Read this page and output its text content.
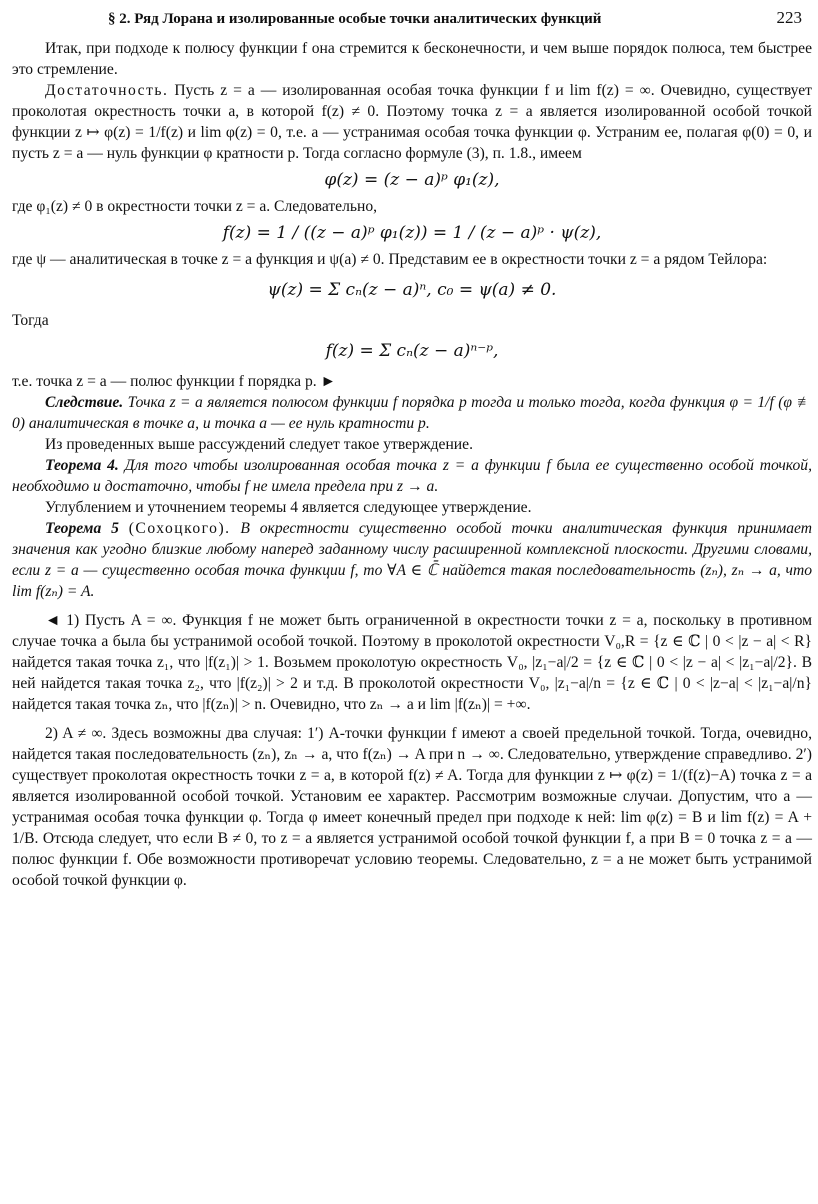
§ 2. Ряд Лорана и изолированные особые точки аналитических функций	223

Итак, при подходе к полюсу функции f она стремится к бесконечности, и чем выше порядок полюса, тем быстрее это стремление.

Достаточность. Пусть z = a — изолированная особая точка функции f и lim f(z) = ∞. Очевидно, существует проколотая окрестность точки a, в которой f(z) ≠ 0. Поэтому точка z = a является изолированной особой точкой функции z ↦ φ(z) = 1/f(z) и lim φ(z) = 0, т.е. a — устранимая особая точка функции φ. Устраним ее, полагая φ(0) = 0, и пусть z = a — нуль функции φ кратности p. Тогда согласно формуле (3), п. 1.8., имеем

φ(z) = (z − a)ᵖ φ₁(z),

где φ₁(z) ≠ 0 в окрестности точки z = a. Следовательно,

f(z) = 1 / ((z − a)ᵖ φ₁(z)) = 1 / (z − a)ᵖ · ψ(z),

где ψ — аналитическая в точке z = a функция и ψ(a) ≠ 0. Представим ее в окрестности точки z = a рядом Тейлора:

ψ(z) = Σ cₙ(z − a)ⁿ, c₀ = ψ(a) ≠ 0.

Тогда

f(z) = Σ cₙ(z − a)ⁿ⁻ᵖ,

т.е. точка z = a — полюс функции f порядка p. ►

Следствие. Точка z = a является полюсом функции f порядка p тогда и только тогда, когда функция φ = 1/f (φ ≢ 0) аналитическая в точке a, и точка a — ее нуль кратности p.

Из проведенных выше рассуждений следует такое утверждение.

Теорема 4. Для того чтобы изолированная особая точка z = a функции f была ее существенно особой точкой, необходимо и достаточно, чтобы f не имела предела при z → a.

Углублением и уточнением теоремы 4 является следующее утверждение.

Теорема 5 (Сохоцкого). В окрестности существенно особой точки аналитическая функция принимает значения как угодно близкие любому наперед заданному числу расширенной комплексной плоскости. Другими словами, если z = a — существенно особая точка функции f, то ∀A ∈ ℂ̄ найдется такая последовательность (zₙ), zₙ → a, что lim f(zₙ) = A.

◄ 1) Пусть A = ∞. Функция f не может быть ограниченной в окрестности точки z = a, поскольку в противном случае точка a была бы устранимой особой точкой. Поэтому в проколотой окрестности V₀,R = {z ∈ ℂ | 0 < |z − a| < R} найдется такая точка z₁, что |f(z₁)| > 1. Возьмем проколотую окрестность V₀, |z₁−a|/2 = {z ∈ ℂ | 0 < |z − a| < |z₁−a|/2}. В ней найдется такая точка z₂, что |f(z₂)| > 2 и т.д. В проколотой окрестности V₀, |z₁−a|/n = {z ∈ ℂ | 0 < |z−a| < |z₁−a|/n} найдется такая точка zₙ, что |f(zₙ)| > n. Очевидно, что zₙ → a и lim |f(zₙ)| = +∞.

2) A ≠ ∞. Здесь возможны два случая: 1′) A-точки функции f имеют a своей предельной точкой. Тогда, очевидно, найдется такая последовательность (zₙ), zₙ → a, что f(zₙ) → A при n → ∞. Следовательно, утверждение справедливо. 2′) существует проколотая окрестность точки z = a, в которой f(z) ≠ A. Тогда для функции z ↦ φ(z) = 1/(f(z)−A) точка z = a является изолированной особой точкой. Установим ее характер. Рассмотрим возможные случаи. Допустим, что a — устранимая особая точка функции φ. Тогда φ имеет конечный предел при подходе к ней: lim φ(z) = B и lim f(z) = A + 1/B. Отсюда следует, что если B ≠ 0, то z = a является устранимой особой точкой функции f, а при B = 0 точка z = a — полюс функции f. Обе возможности противоречат условию теоремы. Следовательно, z = a не может быть устранимой особой точкой функции φ.
